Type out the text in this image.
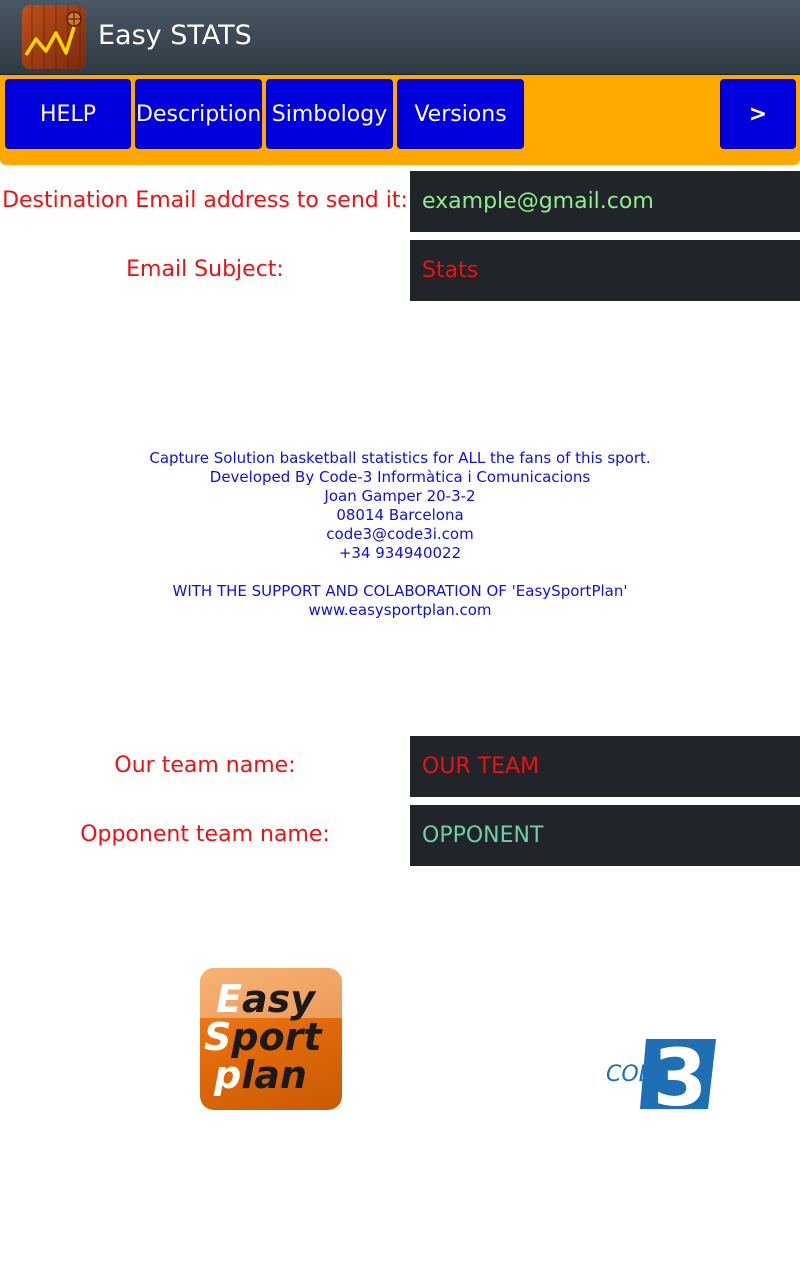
Easy STATS
HELP	Description Simbology	Versions	>
Destination Email address to send it: example@gmail.com
Email Subject:	Stats
Capture Solution basketball statistics for ALL the fans of this sport.
Developed By Code-3 Informàtica i Comunicacions
Joan Gamper 20-3-2
08014 Barcelona
code3@code3i.com
+34 934940022
WITH THE SUPPORT AND COLABORATION OF 'EasySportPlan'
www.easysportplan.com
Our team name:	OUR TEAM
Opponent team name:	OPPONENT
Easy
Sport
plan	3
CODE
